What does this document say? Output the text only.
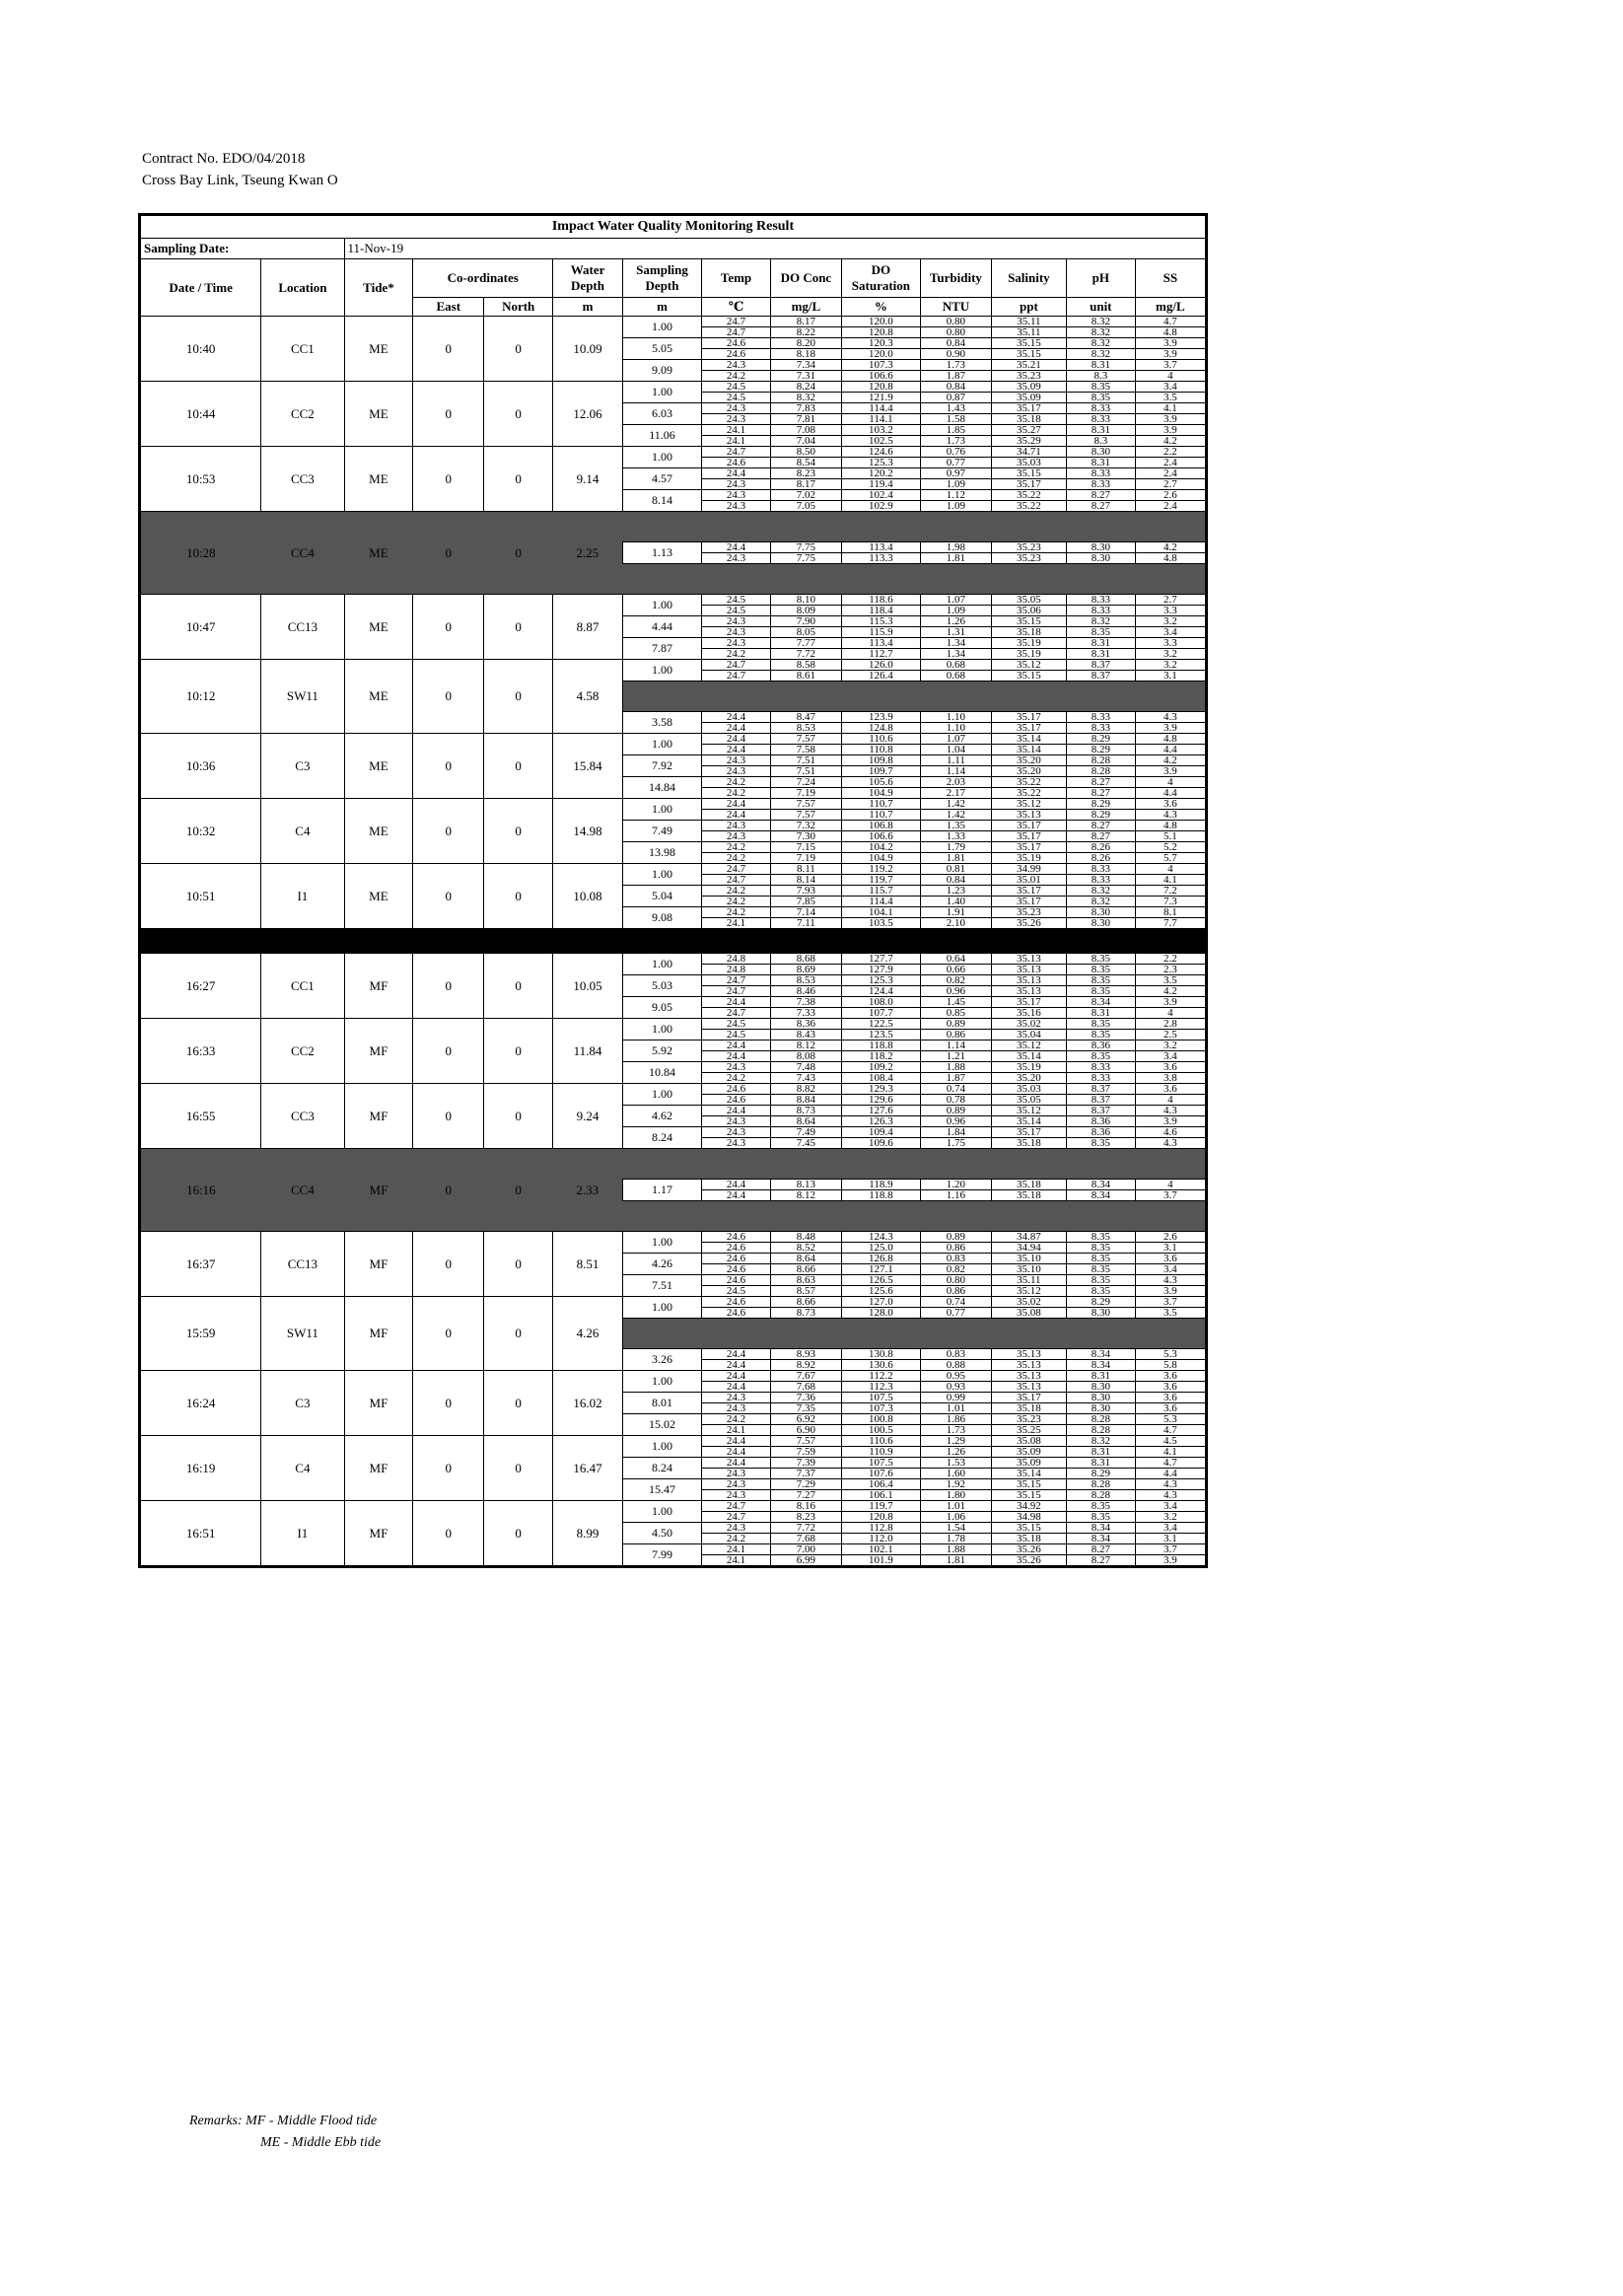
Contract No. EDO/04/2018
Cross Bay Link, Tseung Kwan O
Impact Water Quality Monitoring Result													
Sampling Date:		11-Nov-19											
Date / Time	Location	Tide*	Co-ordinates		Water Depth	Sampling Depth	Temp	DO Conc	DO Saturation	Turbidity	Salinity	pH	SS
			East	North	m	m	℃	mg/L	%	NTU	ppt	unit	mg/L
10:40	CC1	ME	0	0	10.09	1.00	24.7	8.17	120.0	0.80	35.11	8.32	4.7
							24.7	8.22	120.8	0.80	35.11	8.32	4.8
						5.05	24.6	8.20	120.3	0.84	35.15	8.32	3.9
							24.6	8.18	120.0	0.90	35.15	8.32	3.9
						9.09	24.3	7.34	107.3	1.73	35.21	8.31	3.7
							24.2	7.31	106.6	1.87	35.23	8.3	4
10:44	CC2	ME	0	0	12.06	1.00	24.5	8.24	120.8	0.84	35.09	8.35	3.4
							24.5	8.32	121.9	0.87	35.09	8.35	3.5
						6.03	24.3	7.83	114.4	1.43	35.17	8.33	4.1
							24.3	7.81	114.1	1.58	35.18	8.33	3.9
						11.06	24.1	7.08	103.2	1.85	35.27	8.31	3.9
							24.1	7.04	102.5	1.73	35.29	8.3	4.2
10:53	CC3	ME	0	0	9.14	1.00	24.7	8.50	124.6	0.76	34.71	8.30	2.2
							24.6	8.54	125.3	0.77	35.03	8.31	2.4
						4.57	24.4	8.23	120.2	0.97	35.15	8.33	2.4
							24.3	8.17	119.4	1.09	35.17	8.33	2.7
						8.14	24.3	7.02	102.4	1.12	35.22	8.27	2.6
							24.3	7.05	102.9	1.09	35.22	8.27	2.4
10:28	CC4	ME	0	0	2.25								
						1.13	24.4	7.75	113.4	1.98	35.23	8.30	4.2
							24.3	7.75	113.3	1.81	35.23	8.30	4.8

10:47	CC13	ME	0	0	8.87	1.00	24.5	8.10	118.6	1.07	35.05	8.33	2.7
							24.5	8.09	118.4	1.09	35.06	8.33	3.3
						4.44	24.3	7.90	115.3	1.26	35.15	8.32	3.2
							24.3	8.05	115.9	1.31	35.18	8.35	3.4
						7.87	24.3	7.77	113.4	1.34	35.19	8.31	3.3
							24.2	7.72	112.7	1.34	35.19	8.31	3.2
10:12	SW11	ME	0	0	4.58	1.00	24.7	8.58	126.0	0.68	35.12	8.37	3.2
							24.7	8.61	126.4	0.68	35.15	8.37	3.1

						3.58	24.4	8.47	123.9	1.10	35.17	8.33	4.3
							24.4	8.53	124.8	1.10	35.17	8.33	3.9
10:36	C3	ME	0	0	15.84	1.00	24.4	7.57	110.6	1.07	35.14	8.29	4.8
							24.4	7.58	110.8	1.04	35.14	8.29	4.4
						7.92	24.3	7.51	109.8	1.11	35.20	8.28	4.2
							24.3	7.51	109.7	1.14	35.20	8.28	3.9
						14.84	24.2	7.24	105.6	2.03	35.22	8.27	4
							24.2	7.19	104.9	2.17	35.22	8.27	4.4
10:32	C4	ME	0	0	14.98	1.00	24.4	7.57	110.7	1.42	35.12	8.29	3.6
							24.4	7.57	110.7	1.42	35.13	8.29	4.3
						7.49	24.3	7.32	106.8	1.35	35.17	8.27	4.8
							24.3	7.30	106.6	1.33	35.17	8.27	5.1
						13.98	24.2	7.15	104.2	1.79	35.17	8.26	5.2
							24.2	7.19	104.9	1.81	35.19	8.26	5.7
10:51	I1	ME	0	0	10.08	1.00	24.7	8.11	119.2	0.81	34.99	8.33	4
							24.7	8.14	119.7	0.84	35.01	8.33	4.1
						5.04	24.2	7.93	115.7	1.23	35.17	8.32	7.2
							24.2	7.85	114.4	1.40	35.17	8.32	7.3
						9.08	24.2	7.14	104.1	1.91	35.23	8.30	8.1
							24.1	7.11	103.5	2.10	35.26	8.30	7.7

16:27	CC1	MF	0	0	10.05	1.00	24.8	8.68	127.7	0.64	35.13	8.35	2.2
							24.8	8.69	127.9	0.66	35.13	8.35	2.3
						5.03	24.7	8.53	125.3	0.82	35.13	8.35	3.5
							24.7	8.46	124.4	0.96	35.13	8.35	4.2
						9.05	24.4	7.38	108.0	1.45	35.17	8.34	3.9
							24.7	7.33	107.7	0.85	35.16	8.31	4
16:33	CC2	MF	0	0	11.84	1.00	24.5	8.36	122.5	0.89	35.02	8.35	2.8
							24.5	8.43	123.5	0.86	35.04	8.35	2.5
						5.92	24.4	8.12	118.8	1.14	35.12	8.36	3.2
							24.4	8.08	118.2	1.21	35.14	8.35	3.4
						10.84	24.3	7.48	109.2	1.88	35.19	8.33	3.6
							24.2	7.43	108.4	1.87	35.20	8.33	3.8
16:55	CC3	MF	0	0	9.24	1.00	24.6	8.82	129.3	0.74	35.03	8.37	3.6
							24.6	8.84	129.6	0.78	35.05	8.37	4
						4.62	24.4	8.73	127.6	0.89	35.12	8.37	4.3
							24.3	8.64	126.3	0.96	35.14	8.36	3.9
						8.24	24.3	7.49	109.4	1.84	35.17	8.36	4.6
							24.3	7.45	109.6	1.75	35.18	8.35	4.3
16:16	CC4	MF	0	0	2.33								
						1.17	24.4	8.13	118.9	1.20	35.18	8.34	4
							24.4	8.12	118.8	1.16	35.18	8.34	3.7

16:37	CC13	MF	0	0	8.51	1.00	24.6	8.48	124.3	0.89	34.87	8.35	2.6
							24.6	8.52	125.0	0.86	34.94	8.35	3.1
						4.26	24.6	8.64	126.8	0.83	35.10	8.35	3.6
							24.6	8.66	127.1	0.82	35.10	8.35	3.4
						7.51	24.6	8.63	126.5	0.80	35.11	8.35	4.3
							24.5	8.57	125.6	0.86	35.12	8.35	3.9
15:59	SW11	MF	0	0	4.26	1.00	24.6	8.66	127.0	0.74	35.02	8.29	3.7
							24.6	8.73	128.0	0.77	35.08	8.30	3.5

						3.26	24.4	8.93	130.8	0.83	35.13	8.34	5.3
							24.4	8.92	130.6	0.88	35.13	8.34	5.8
16:24	C3	MF	0	0	16.02	1.00	24.4	7.67	112.2	0.95	35.13	8.31	3.6
							24.4	7.68	112.3	0.93	35.13	8.30	3.6
						8.01	24.3	7.36	107.5	0.99	35.17	8.30	3.6
							24.3	7.35	107.3	1.01	35.18	8.30	3.6
						15.02	24.2	6.92	100.8	1.86	35.23	8.28	5.3
							24.1	6.90	100.5	1.73	35.25	8.28	4.7
16:19	C4	MF	0	0	16.47	1.00	24.4	7.57	110.6	1.29	35.08	8.32	4.5
							24.4	7.59	110.9	1.26	35.09	8.31	4.1
						8.24	24.4	7.39	107.5	1.53	35.09	8.31	4.7
							24.3	7.37	107.6	1.60	35.14	8.29	4.4
						15.47	24.3	7.29	106.4	1.92	35.15	8.28	4.3
							24.3	7.27	106.1	1.80	35.15	8.28	4.3
16:51	I1	MF	0	0	8.99	1.00	24.7	8.16	119.7	1.01	34.92	8.35	3.4
							24.7	8.23	120.8	1.06	34.98	8.35	3.2
						4.50	24.3	7.72	112.8	1.54	35.15	8.34	3.4
							24.2	7.68	112.0	1.78	35.18	8.34	3.1
						7.99	24.1	7.00	102.1	1.88	35.26	8.27	3.7
							24.1	6.99	101.9	1.81	35.26	8.27	3.9
Remarks: MF - Middle Flood tide
ME - Middle Ebb tide
